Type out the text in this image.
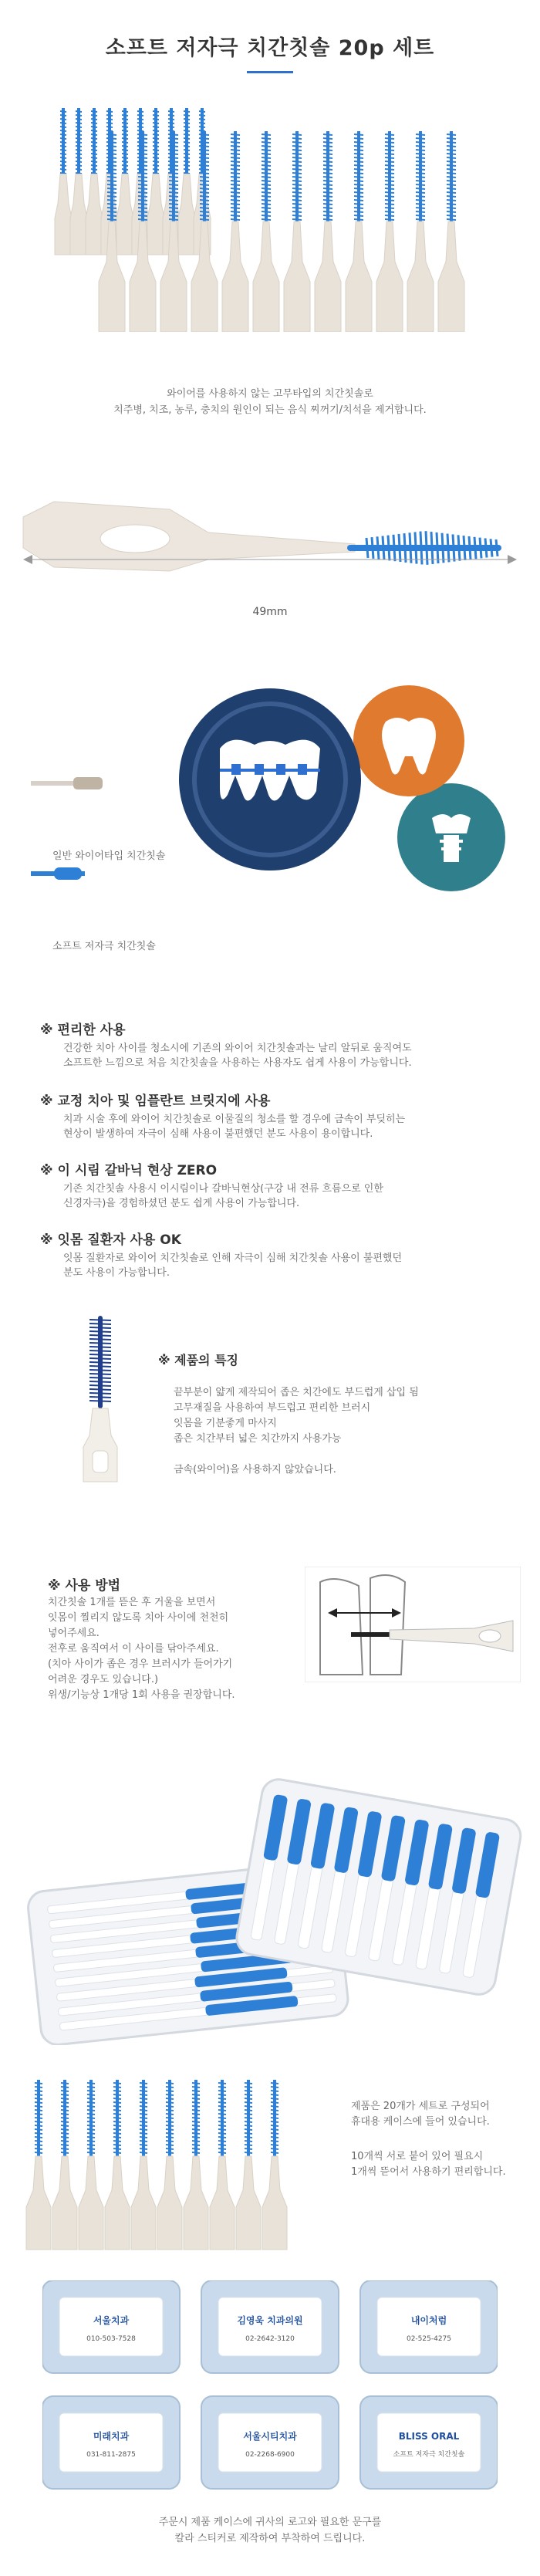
소프트 저자극 치간칫솔 20p 세트
와이어를 사용하지 않는 고무타입의 치간칫솔로
치주병, 치조, 농루, 충치의 원인이 되는 음식 찌꺼기/치석을 제거합니다.
49mm
일반 와이어타입 치간칫솔
소프트 저자극 치간칫솔
※ 편리한 사용
건강한 치아 사이를 청소시에 기존의 와이어 치간칫솔과는 날리 알뒤로 움직여도
소프트한 느낌으로 처음 치간칫솔을 사용하는 사용자도 쉽게 사용이 가능합니다.
※ 교정 치아 및 임플란트 브릿지에 사용
치과 시술 후에 와이어 치간칫솔로 이물질의 청소를 할 경우에 금속이 부딪히는
현상이 발생하여 자극이 심해 사용이 불편했던 분도 사용이 용이합니다.
※ 이 시림 갈바닉 현상 ZERO
기존 치간칫솔 사용시 이시림이나 갈바닉현상(구강 내 전류 흐름으로 인한
신경자극)을 경험하셨던 분도 쉽게 사용이 가능합니다.
※ 잇몸 질환자 사용 OK
잇몸 질환자로 와이어 치간칫솔로 인해 자극이 심해 치간칫솔 사용이 불편했던
분도 사용이 가능합니다.
※ 제품의 특징
끝부분이 얇게 제작되어 좁은 치간에도 부드럽게 삽입 됨
고무재질을 사용하여 부드럽고 편리한 브러시
잇몸을 기분좋게 마사지
좁은 치간부터 넓은 치간까지 사용가능
금속(와이어)을 사용하지 않았습니다.
※ 사용 방법
치간칫솔 1개를 뜯은 후 거울을 보면서
잇몸이 찔리지 않도록 치아 사이에 천천히
넣어주세요.
전후로 움직여서 이 사이를 닦아주세요.
(치아 사이가 좁은 경우 브러시가 들어가기
어려운 경우도 있습니다.)
위생/기능상 1개당 1회 사용을 권장합니다.
제품은 20개가 세트로 구성되어
휴대용 케이스에 들어 있습니다.
10개씩 서로 붙어 있어 필요시
1개씩 뜯어서 사용하기 편리합니다.
서울치과
010-503-7528
김영욱 치과의원
02-2642-3120
내이처럼
02-525-4275
미래치과
031-811-2875
서울시티치과
02-2268-6900
BLISS ORAL
소프트 저자극 치간칫솔
주문시 제품 케이스에 귀사의 로고와 필요한 문구를
칼라 스티커로 제작하여 부착하여 드립니다.
